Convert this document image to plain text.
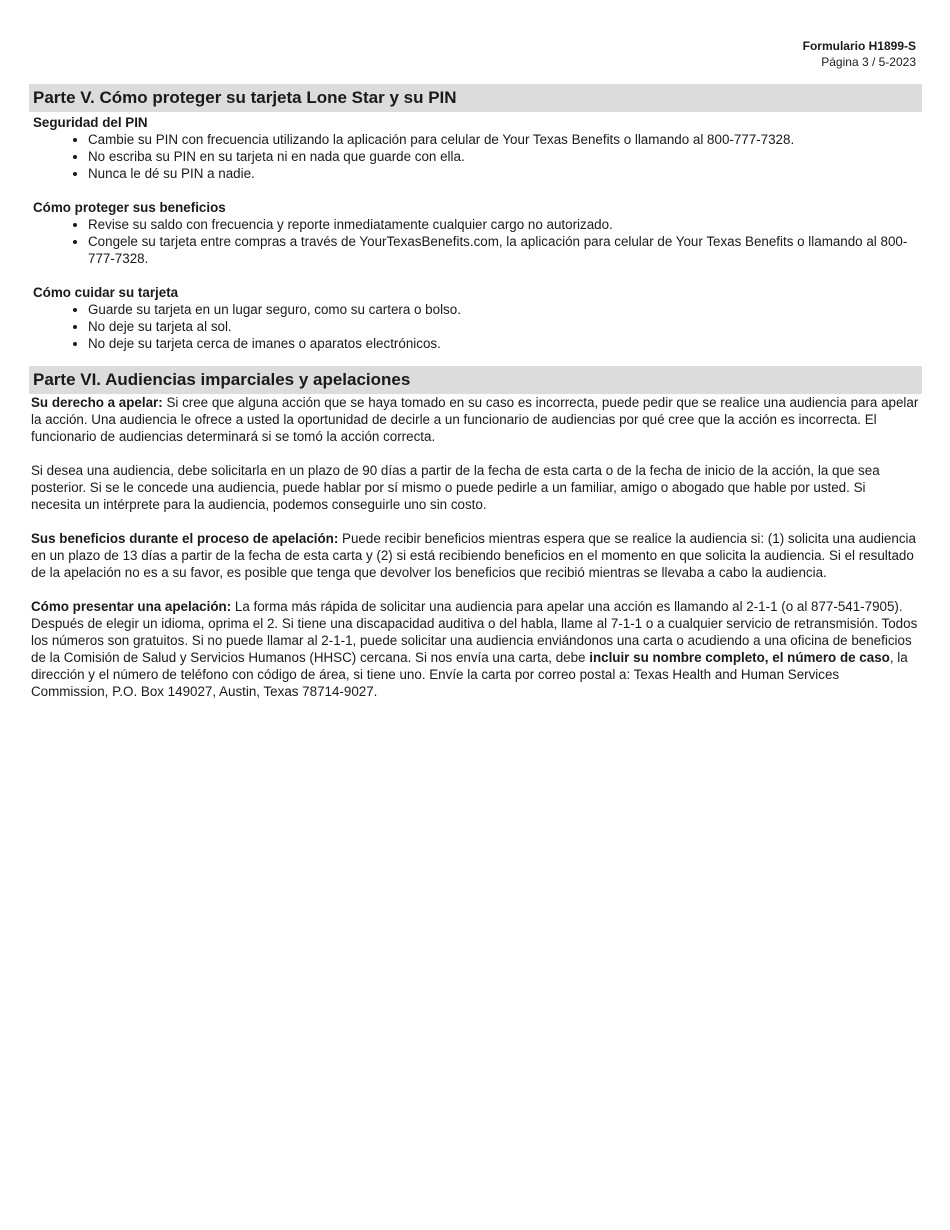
Formulario H1899-S
Página 3 / 5-2023
Parte V. Cómo proteger su tarjeta Lone Star y su PIN
Seguridad del PIN
• Cambie su PIN con frecuencia utilizando la aplicación para celular de Your Texas Benefits o llamando al 800-777-7328.
• No escriba su PIN en su tarjeta ni en nada que guarde con ella.
• Nunca le dé su PIN a nadie.
Cómo proteger sus beneficios
• Revise su saldo con frecuencia y reporte inmediatamente cualquier cargo no autorizado.
• Congele su tarjeta entre compras a través de YourTexasBenefits.com, la aplicación para celular de Your Texas Benefits o llamando al 800-777-7328.
Cómo cuidar su tarjeta
• Guarde su tarjeta en un lugar seguro, como su cartera o bolso.
• No deje su tarjeta al sol.
• No deje su tarjeta cerca de imanes o aparatos electrónicos.
Parte VI. Audiencias imparciales y apelaciones

Su derecho a apelar: Si cree que alguna acción que se haya tomado en su caso es incorrecta, puede pedir que se realice una audiencia para apelar la acción. Una audiencia le ofrece a usted la oportunidad de decirle a un funcionario de audiencias por qué cree que la acción es incorrecta. El funcionario de audiencias determinará si se tomó la acción correcta.

Si desea una audiencia, debe solicitarla en un plazo de 90 días a partir de la fecha de esta carta o de la fecha de inicio de la acción, la que sea posterior. Si se le concede una audiencia, puede hablar por sí mismo o puede pedirle a un familiar, amigo o abogado que hable por usted. Si necesita un intérprete para la audiencia, podemos conseguirle uno sin costo.

Sus beneficios durante el proceso de apelación: Puede recibir beneficios mientras espera que se realice la audiencia si: (1) solicita una audiencia en un plazo de 13 días a partir de la fecha de esta carta y (2) si está recibiendo beneficios en el momento en que solicita la audiencia. Si el resultado de la apelación no es a su favor, es posible que tenga que devolver los beneficios que recibió mientras se llevaba a cabo la audiencia.

Cómo presentar una apelación: La forma más rápida de solicitar una audiencia para apelar una acción es llamando al 2-1-1 (o al 877-541-7905). Después de elegir un idioma, oprima el 2. Si tiene una discapacidad auditiva o del habla, llame al 7-1-1 o a cualquier servicio de retransmisión. Todos los números son gratuitos. Si no puede llamar al 2-1-1, puede solicitar una audiencia enviándonos una carta o acudiendo a una oficina de beneficios de la Comisión de Salud y Servicios Humanos (HHSC) cercana. Si nos envía una carta, debe incluir su nombre completo, el número de caso, la dirección y el número de teléfono con código de área, si tiene uno. Envíe la carta por correo postal a: Texas Health and Human Services Commission, P.O. Box 149027, Austin, Texas 78714-9027.
